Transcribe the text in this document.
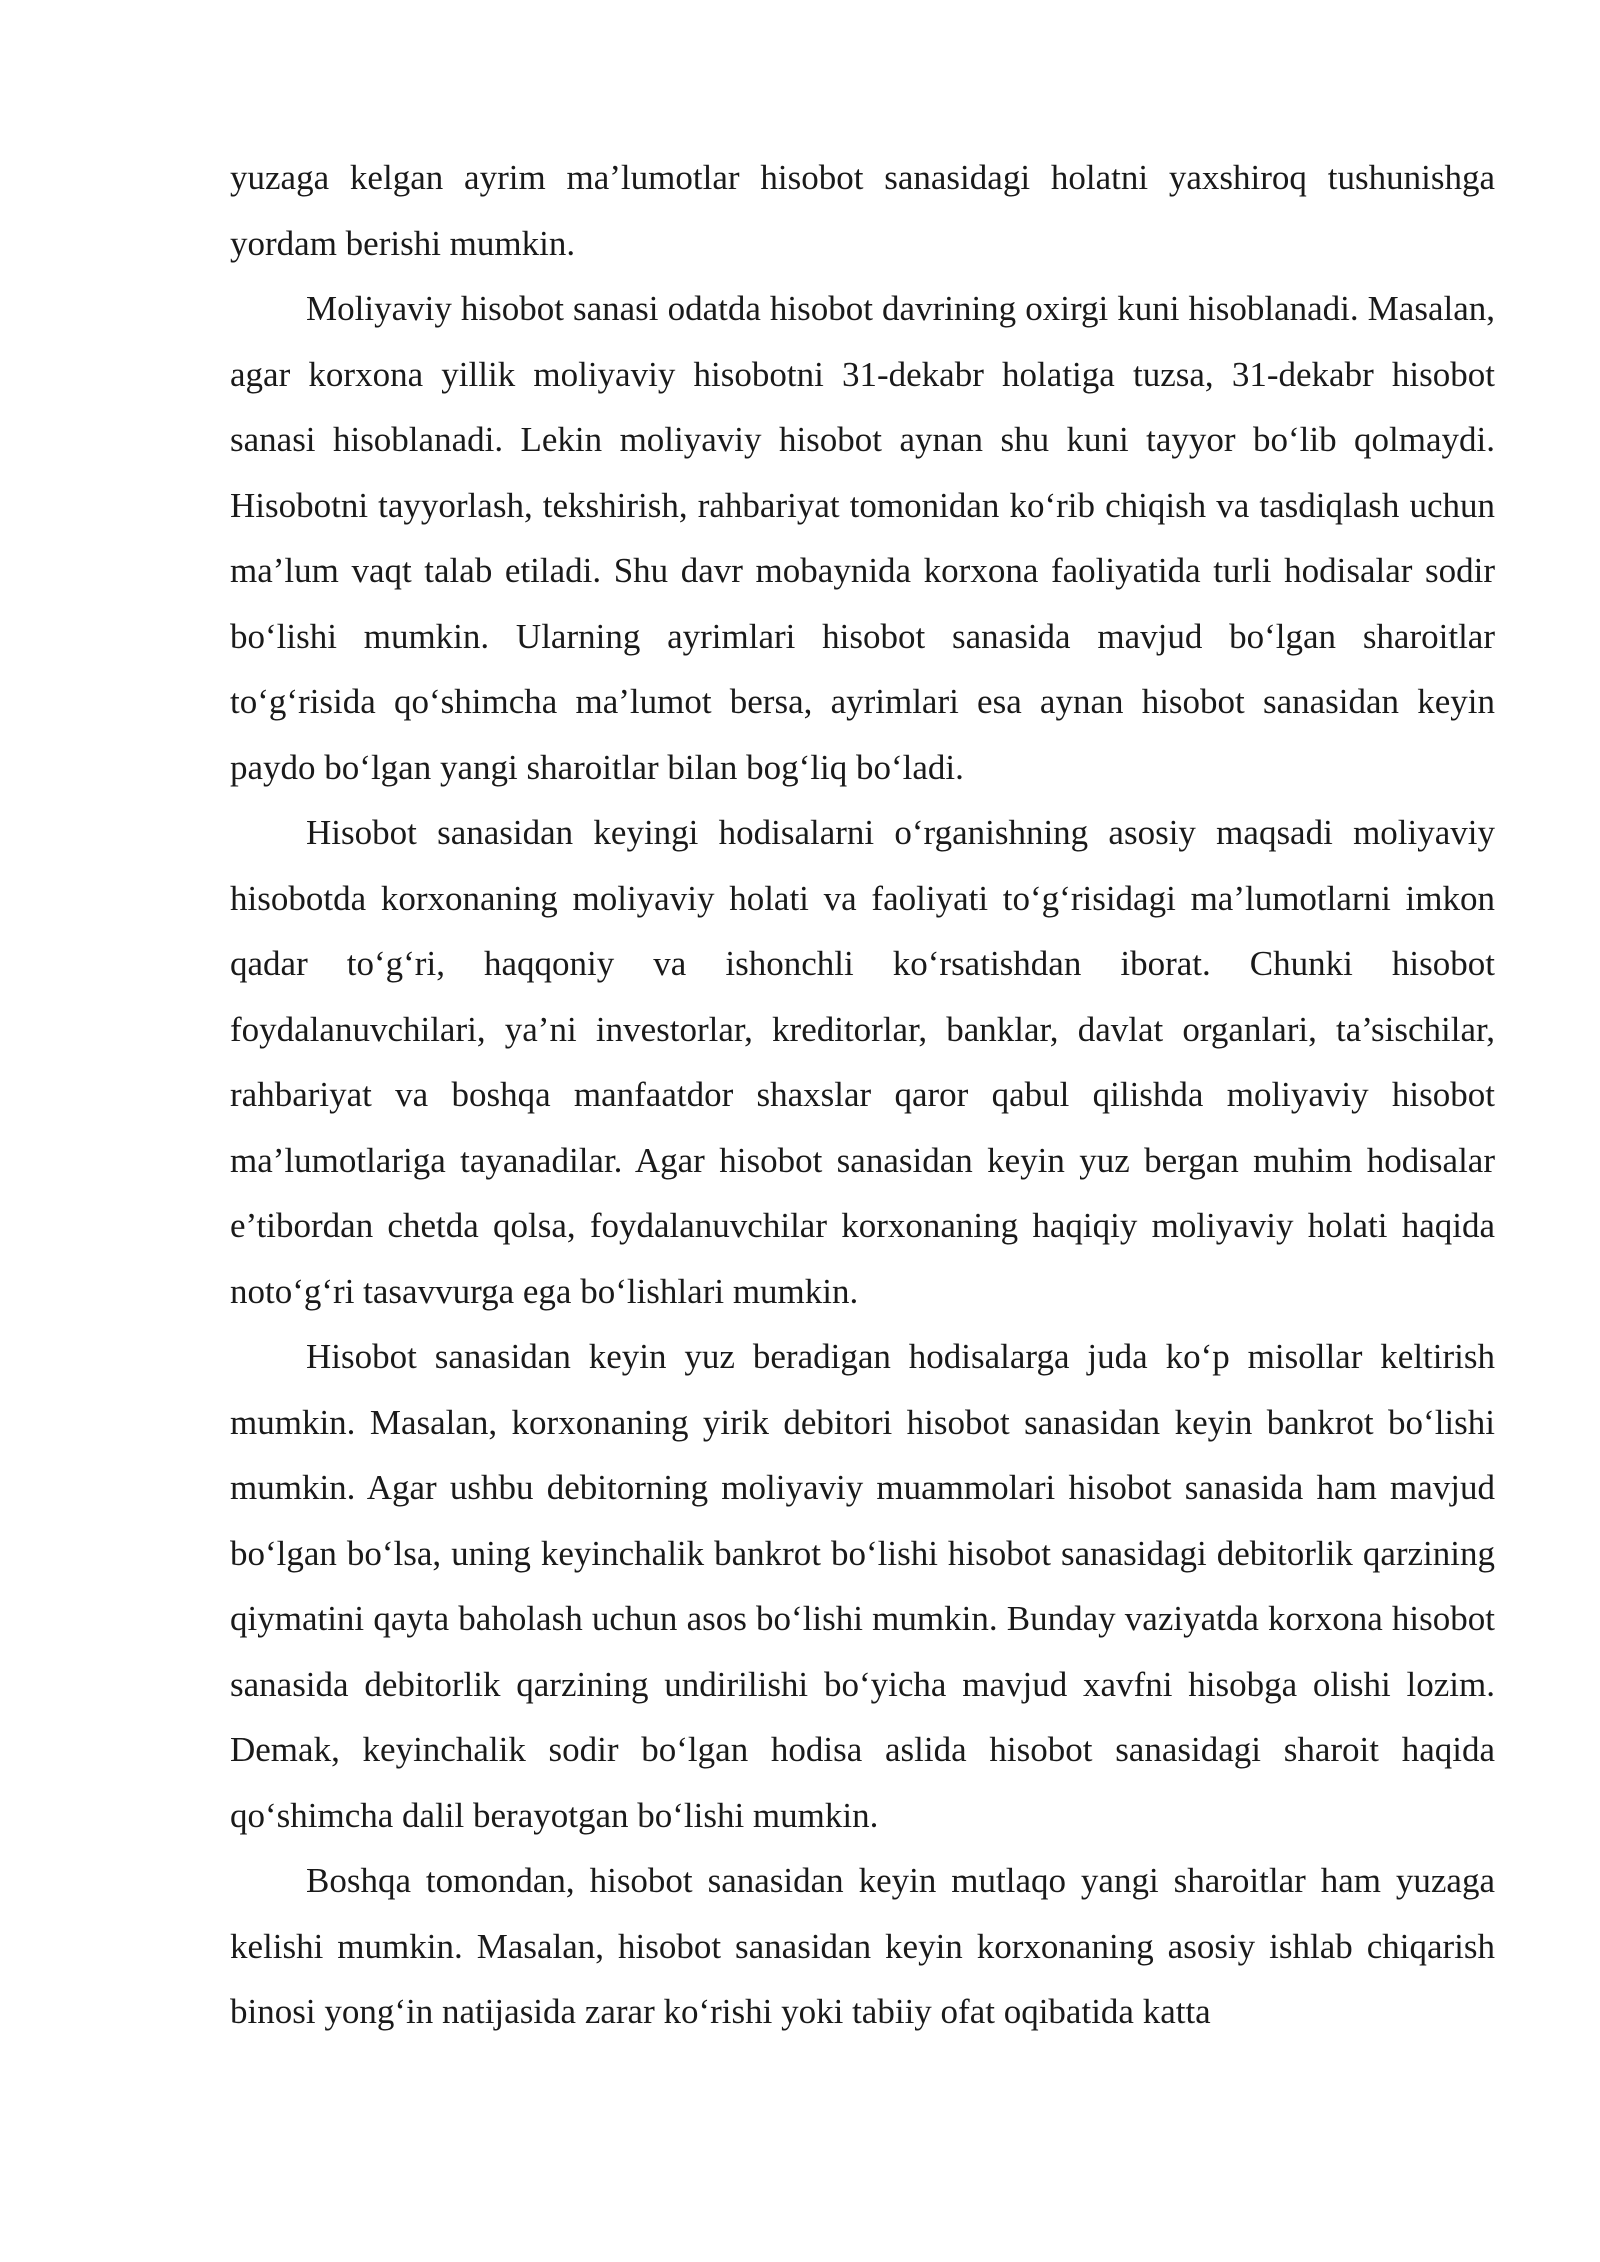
yuzaga kelgan ayrim ma’lumotlar hisobot sanasidagi holatni yaxshiroq tushunishga yordam berishi mumkin.

Moliyaviy hisobot sanasi odatda hisobot davrining oxirgi kuni hisoblanadi. Masalan, agar korxona yillik moliyaviy hisobotni 31-dekabr holatiga tuzsa, 31-dekabr hisobot sanasi hisoblanadi. Lekin moliyaviy hisobot aynan shu kuni tayyor bo‘lib qolmaydi. Hisobotni tayyorlash, tekshirish, rahbariyat tomonidan ko‘rib chiqish va tasdiqlash uchun ma’lum vaqt talab etiladi. Shu davr mobaynida korxona faoliyatida turli hodisalar sodir bo‘lishi mumkin. Ularning ayrimlari hisobot sanasida mavjud bo‘lgan sharoitlar to‘g‘risida qo‘shimcha ma’lumot bersa, ayrimlari esa aynan hisobot sanasidan keyin paydo bo‘lgan yangi sharoitlar bilan bog‘liq bo‘ladi.

Hisobot sanasidan keyingi hodisalarni o‘rganishning asosiy maqsadi moliyaviy hisobotda korxonaning moliyaviy holati va faoliyati to‘g‘risidagi ma’lumotlarni imkon qadar to‘g‘ri, haqqoniy va ishonchli ko‘rsatishdan iborat. Chunki hisobot foydalanuvchilari, ya’ni investorlar, kreditorlar, banklar, davlat organlari, ta’sischilar, rahbariyat va boshqa manfaatdor shaxslar qaror qabul qilishda moliyaviy hisobot ma’lumotlariga tayanadilar. Agar hisobot sanasidan keyin yuz bergan muhim hodisalar e’tibordan chetda qolsa, foydalanuvchilar korxonaning haqiqiy moliyaviy holati haqida noto‘g‘ri tasavvurga ega bo‘lishlari mumkin.

Hisobot sanasidan keyin yuz beradigan hodisalarga juda ko‘p misollar keltirish mumkin. Masalan, korxonaning yirik debitori hisobot sanasidan keyin bankrot bo‘lishi mumkin. Agar ushbu debitorning moliyaviy muammolari hisobot sanasida ham mavjud bo‘lgan bo‘lsa, uning keyinchalik bankrot bo‘lishi hisobot sanasidagi debitorlik qarzining qiymatini qayta baholash uchun asos bo‘lishi mumkin. Bunday vaziyatda korxona hisobot sanasida debitorlik qarzining undirilishi bo‘yicha mavjud xavfni hisobga olishi lozim. Demak, keyinchalik sodir bo‘lgan hodisa aslida hisobot sanasidagi sharoit haqida qo‘shimcha dalil berayotgan bo‘lishi mumkin.

Boshqa tomondan, hisobot sanasidan keyin mutlaqo yangi sharoitlar ham yuzaga kelishi mumkin. Masalan, hisobot sanasidan keyin korxonaning asosiy ishlab chiqarish binosi yong‘in natijasida zarar ko‘rishi yoki tabiiy ofat oqibatida katta
